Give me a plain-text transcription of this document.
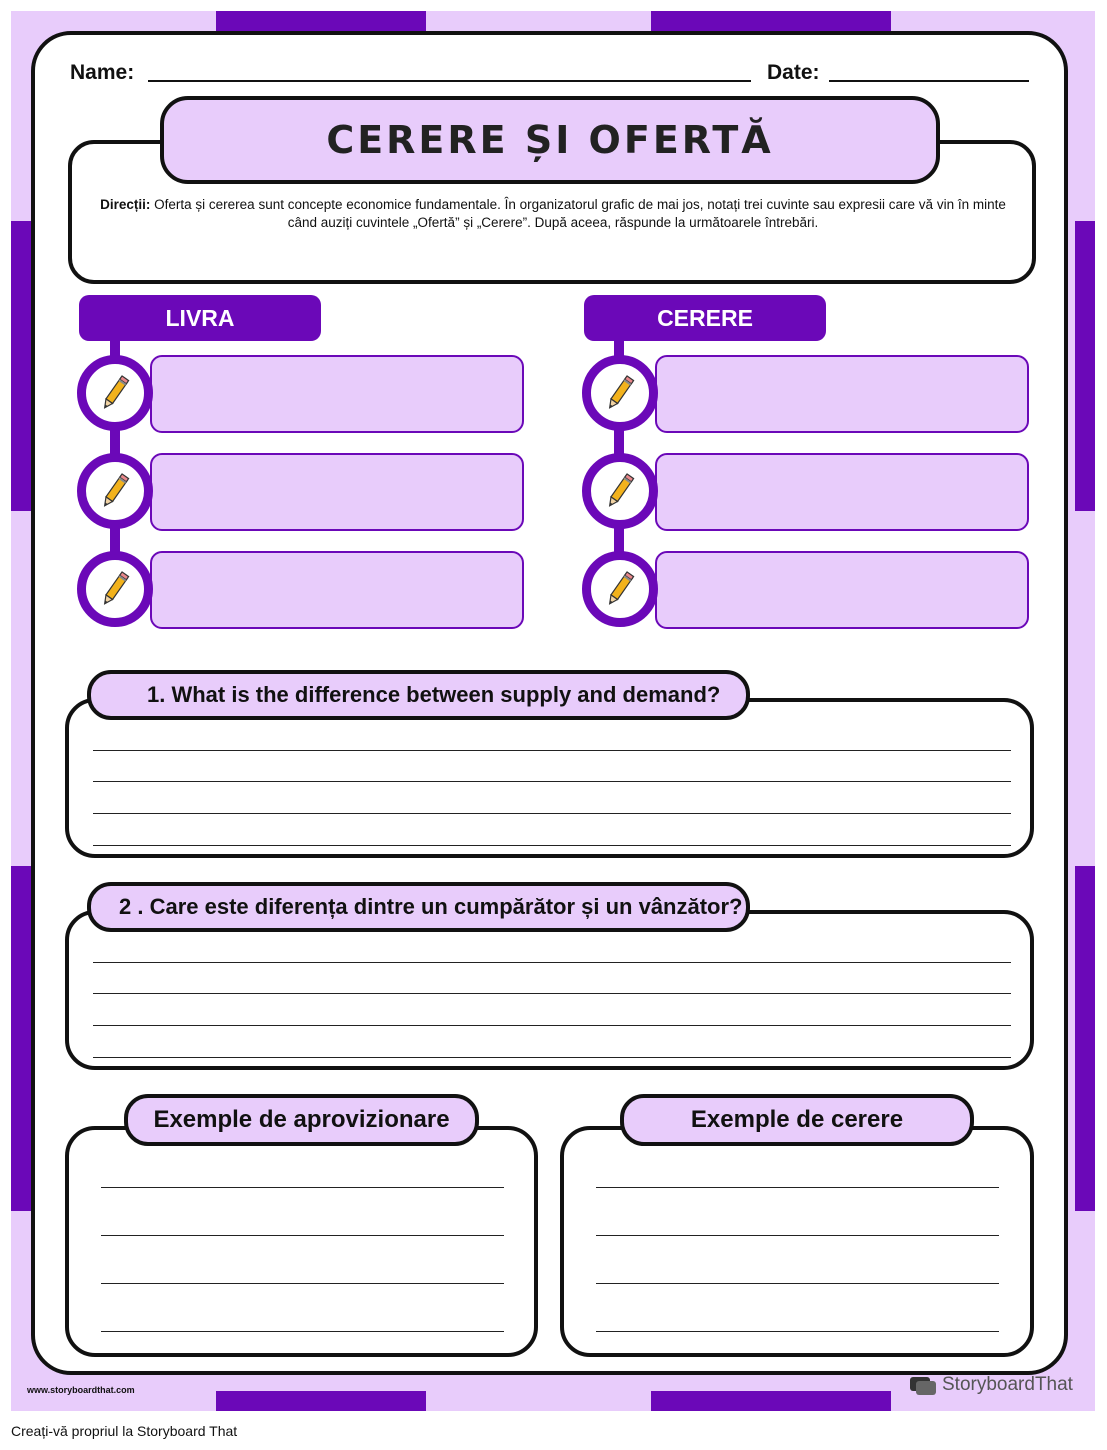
Name:	Date:
CERERE ȘI OFERTĂ
Direcții: Oferta și cererea sunt concepte economice fundamentale. În organizatorul grafic de mai jos, notați trei cuvinte sau expresii care vă vin în minte când auziți cuvintele „Ofertă” și „Cerere”. După aceea, răspunde la următoarele întrebări.
LIVRA	CERERE
1. What is the difference between supply and demand?
2 . Care este diferența dintre un cumpărător și un vânzător?
Exemple de aprovizionare	Exemple de cerere
www.storyboardthat.com	StoryboardThat
Creați-vă propriul la Storyboard That
